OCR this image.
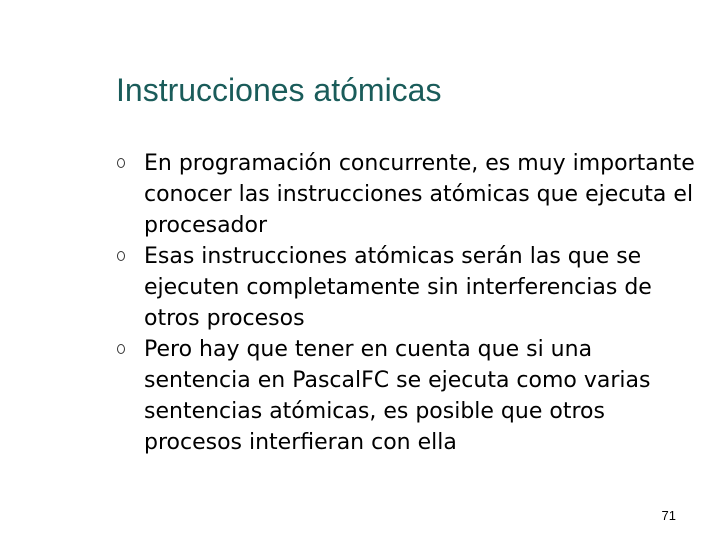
Instrucciones atómicas
En programación concurrente, es muy importante conocer las instrucciones atómicas que ejecuta el procesador
Esas instrucciones atómicas serán las que se ejecuten completamente sin interferencias de otros procesos
Pero hay que tener en cuenta que si una sentencia en PascalFC se ejecuta como varias sentencias atómicas, es posible que otros procesos interfieran con ella
71
